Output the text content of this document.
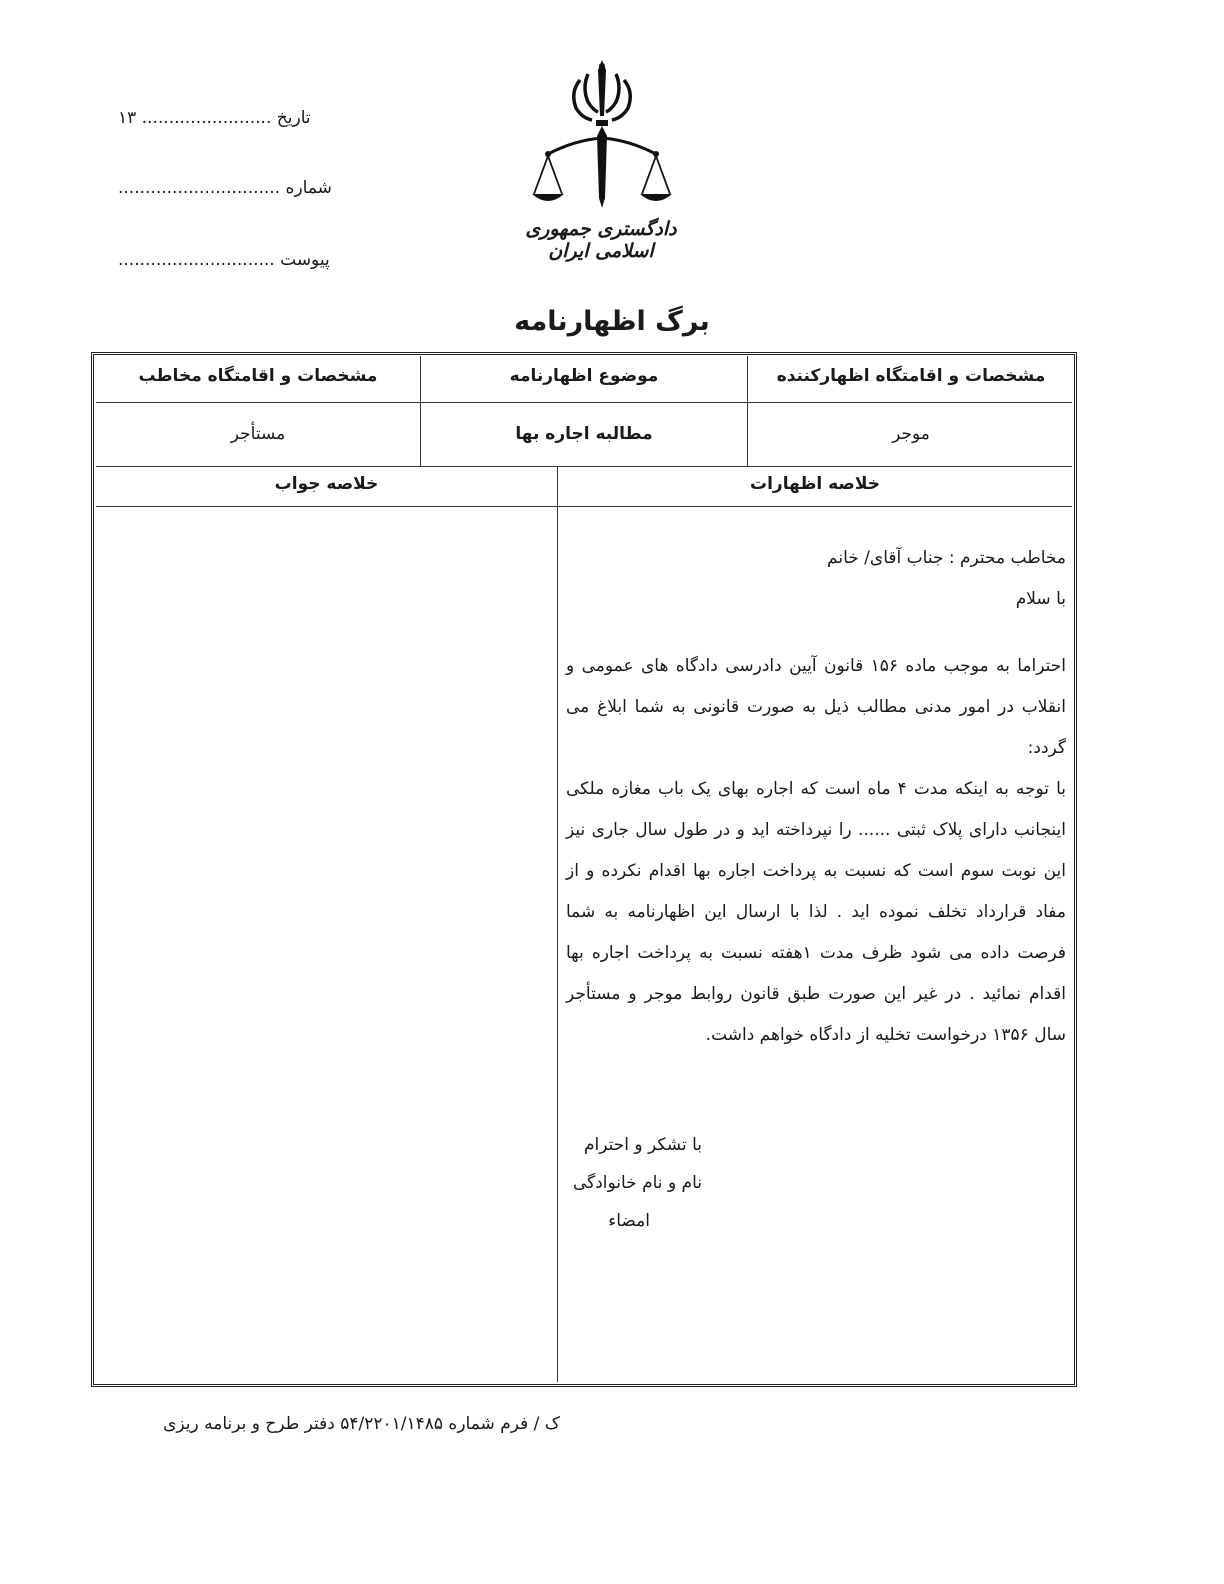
۱۳ ........................ تاریخ
.............................. شماره
............................. پیوست
دادگستری جمهوری اسلامی ایران
برگ اظهارنامه
مشخصات و اقامتگاه اظهارکننده
موضوع اظهارنامه
مشخصات و اقامتگاه مخاطب
موجر
مطالبه اجاره بها
مستأجر
خلاصه اظهارات
خلاصه جواب

مخاطب محترم : جناب آقای/ خانم

با سلام

احتراما به موجب ماده ۱۵۶ قانون آیین دادرسی دادگاه های عمومی و انقلاب در امور مدنی مطالب ذیل به صورت قانونی به شما ابلاغ می گردد:

با توجه به اینکه مدت ۴ ماه است که اجاره بهای یک باب مغازه ملکی اینجانب دارای پلاک ثبتی ...... را نپرداخته اید و در طول سال جاری نیز این نوبت سوم است که نسبت به پرداخت اجاره بها اقدام نکرده و از مفاد قرارداد تخلف نموده اید . لذا با ارسال این اظهارنامه به شما فرصت داده می شود ظرف مدت ۱هفته نسبت به پرداخت اجاره بها اقدام نمائید . در غیر این صورت طبق قانون روابط موجر و مستأجر سال ۱۳۵۶ درخواست تخلیه از دادگاه خواهم داشت.

با تشکر و احترام
نام و نام خانوادگی
امضاء
ک / فرم شماره ۵۴/۲۲۰۱/۱۴۸۵ دفتر طرح و برنامه ریزی
